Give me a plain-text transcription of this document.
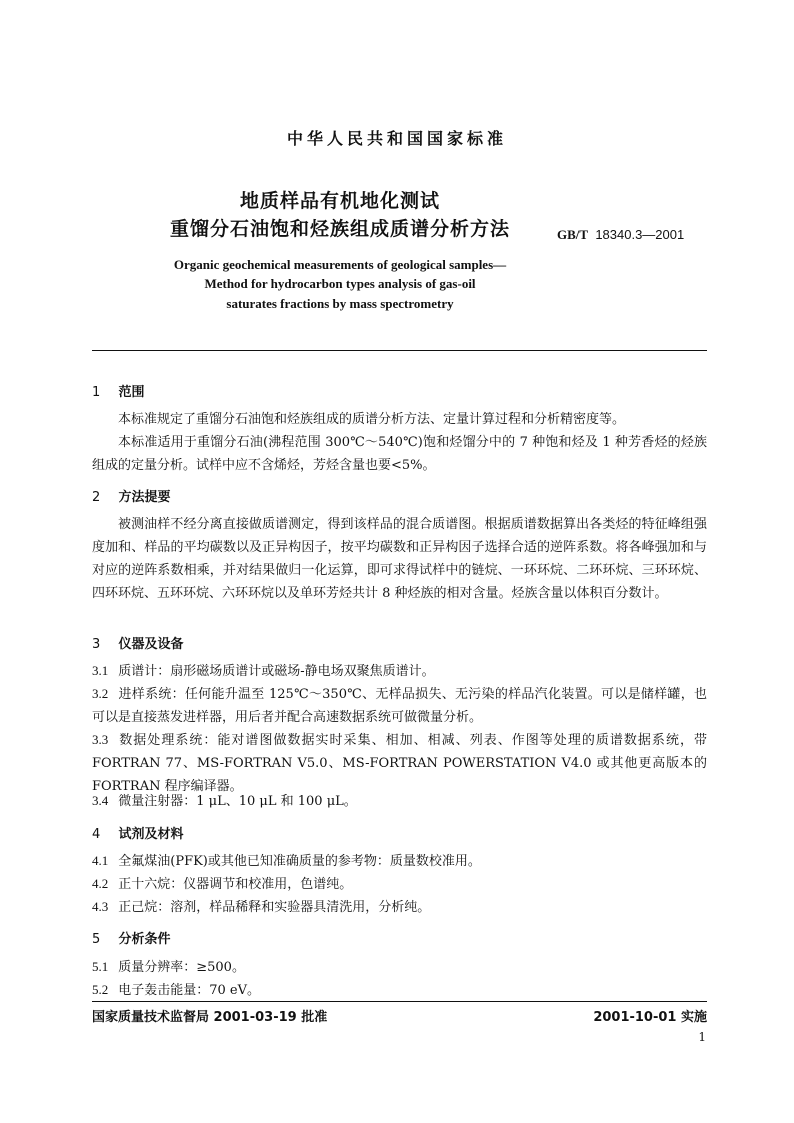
中华人民共和国国家标准
地质样品有机地化测试
重馏分石油饱和烃族组成质谱分析方法	GB/T 18340.3—2001
Organic geochemical measurements of geological samples—
Method for hydrocarbon types analysis of gas-oil
saturates fractions by mass spectrometry
1 范围
本标准规定了重馏分石油饱和烃族组成的质谱分析方法、定量计算过程和分析精密度等。
本标准适用于重馏分石油(沸程范围 300℃～540℃)饱和烃馏分中的 7 种饱和烃及 1 种芳香烃的烃族组成的定量分析。试样中应不含烯烃，芳烃含量也要<5%。
2 方法提要
被测油样不经分离直接做质谱测定，得到该样品的混合质谱图。根据质谱数据算出各类烃的特征峰组强度加和、样品的平均碳数以及正异构因子，按平均碳数和正异构因子选择合适的逆阵系数。将各峰强加和与对应的逆阵系数相乘，并对结果做归一化运算，即可求得试样中的链烷、一环环烷、二环环烷、三环环烷、四环环烷、五环环烷、六环环烷以及单环芳烃共计 8 种烃族的相对含量。烃族含量以体积百分数计。
3 仪器及设备
3.1 质谱计：扇形磁场质谱计或磁场-静电场双聚焦质谱计。
3.2 进样系统：任何能升温至 125℃～350℃、无样品损失、无污染的样品汽化装置。可以是储样罐，也可以是直接蒸发进样器，用后者并配合高速数据系统可做微量分析。
3.3 数据处理系统：能对谱图做数据实时采集、相加、相减、列表、作图等处理的质谱数据系统，带 FORTRAN 77、MS-FORTRAN V5.0、MS-FORTRAN POWERSTATION V4.0 或其他更高版本的 FORTRAN 程序编译器。
3.4 微量注射器：1 μL、10 μL 和 100 μL。
4 试剂及材料
4.1 全氟煤油(PFK)或其他已知准确质量的参考物：质量数校准用。
4.2 正十六烷：仪器调节和校准用，色谱纯。
4.3 正己烷：溶剂，样品稀释和实验器具清洗用，分析纯。
5 分析条件
5.1 质量分辨率：≥500。
5.2 电子轰击能量：70 eV。
国家质量技术监督局 2001-03-19 批准	2001-10-01 实施
1
